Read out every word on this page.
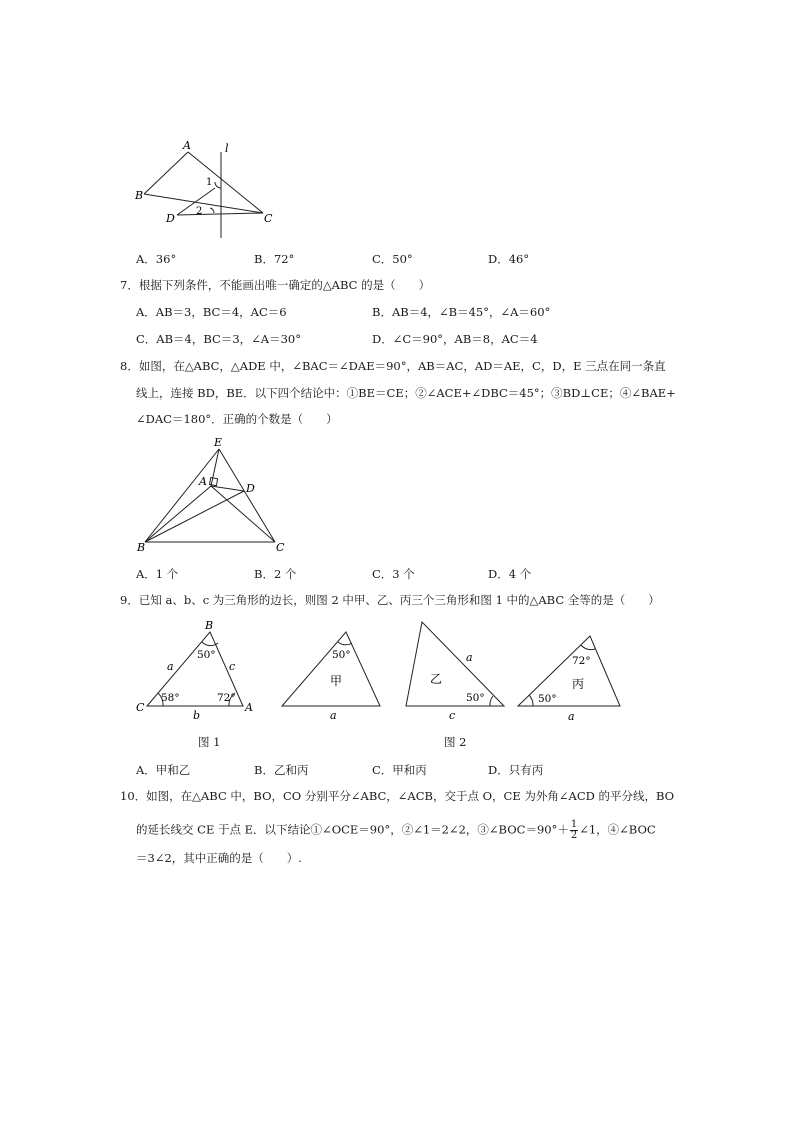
A	l
B
1
2
D	C
A．36°	B．72°	C．50°	D．46°
7．根据下列条件，不能画出唯一确定的△ABC 的是（　　）
A．AB＝3，BC＝4，AC＝6	B．AB＝4，∠B＝45°，∠A＝60°
C．AB＝4，BC＝3，∠A＝30°	D．∠C＝90°，AB＝8，AC＝4
8．如图，在△ABC，△ADE 中，∠BAC＝∠DAE＝90°，AB＝AC，AD＝AE，C，D，E 三点在同一条直
线上，连接 BD，BE．以下四个结论中：①BE＝CE；②∠ACE+∠DBC＝45°；③BD⊥CE；④∠BAE+
∠DAC＝180°．正确的个数是（　　）
E
A
D
B	C
A．1 个	B．2 个	C．3 个	D．4 个
9．已知 a、b、c 为三角形的边长，则图 2 中甲、乙、丙三个三角形和图 1 中的△ABC 全等的是（　　）
B
50°
a	c
58°	72°
C	A
b
50°
甲
a
a
乙
50°
c
72°
丙
50°
a
图 1	图 2
A．甲和乙	B．乙和丙	C．甲和丙	D．只有丙
10．如图，在△ABC 中，BO，CO 分别平分∠ABC，∠ACB，交于点 O，CE 为外角∠ACD 的平分线，BO
的延长线交 CE 于点 E．以下结论①∠OCE＝90°，②∠1＝2∠2，③∠BOC＝90°＋ $\frac{1}{2}$ ∠1，④∠BOC
＝3∠2，其中正确的是（　　）.
